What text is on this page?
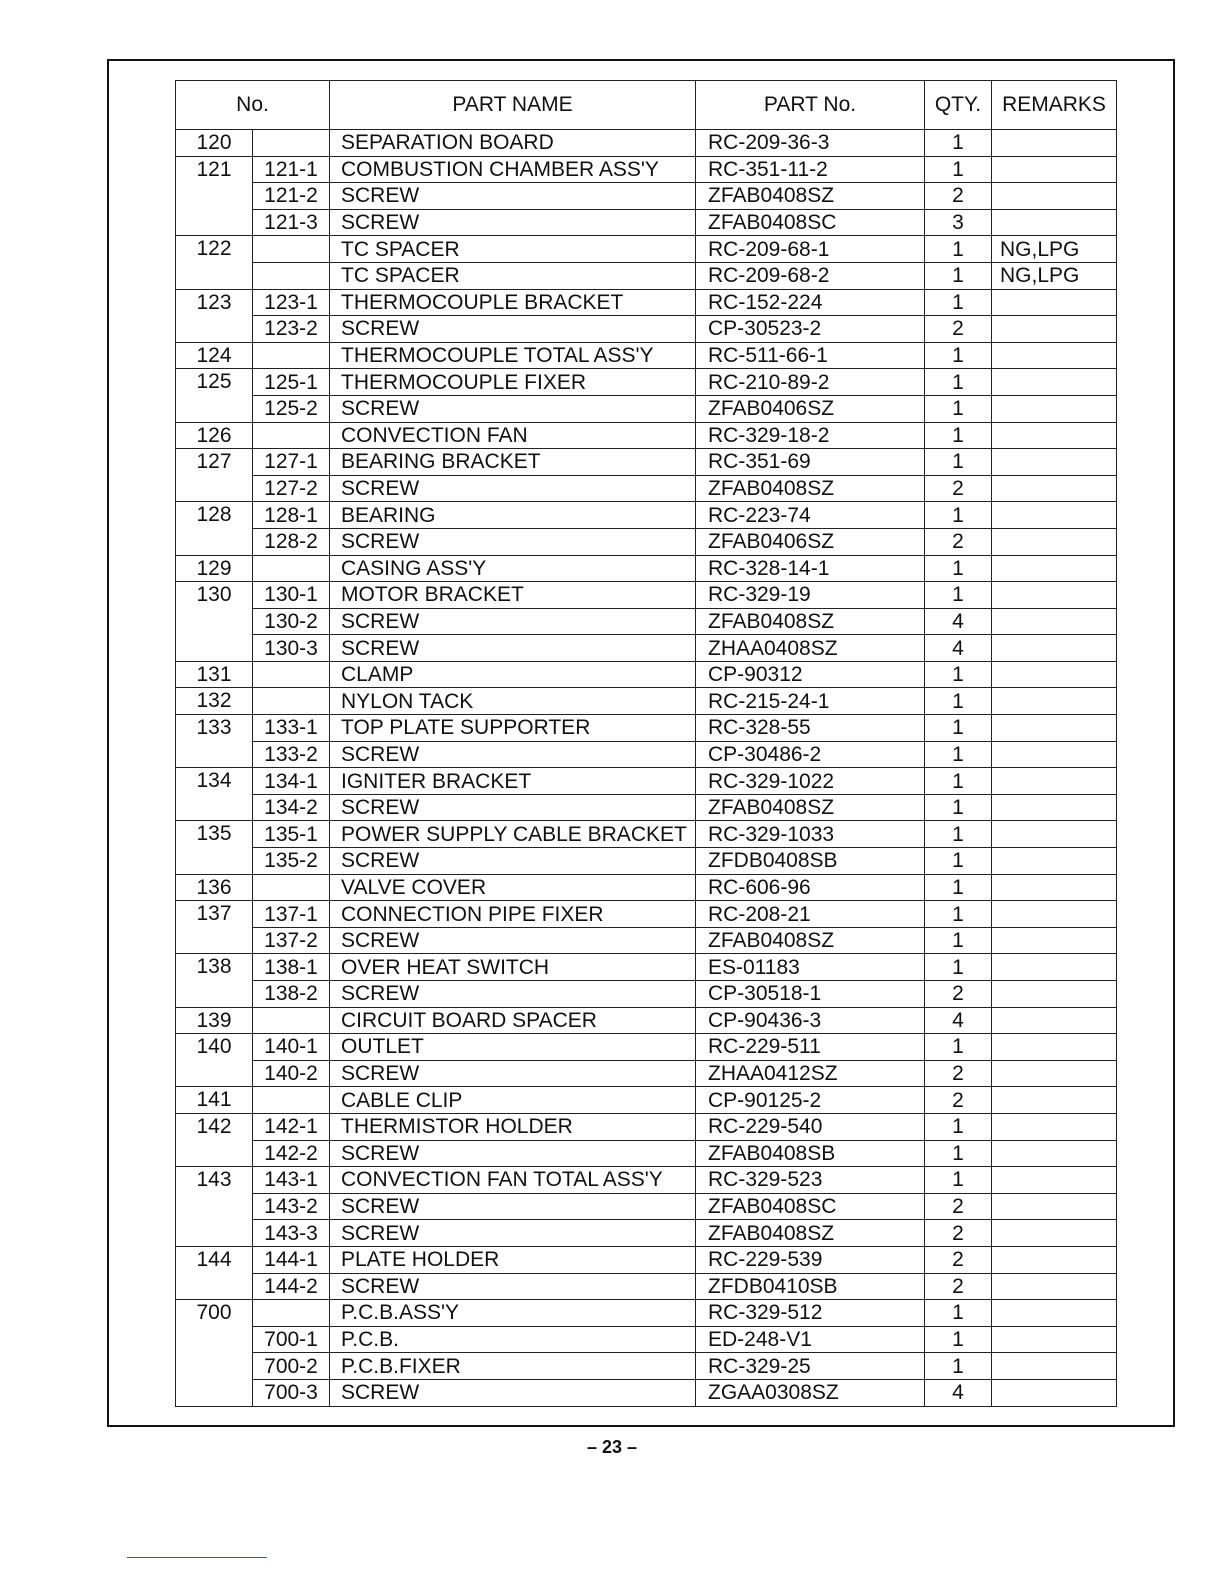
No.		PART NAME	PART No.	QTY.	REMARKS
120		SEPARATION BOARD	RC-209-36-3	1	
121	121-1	COMBUSTION CHAMBER ASS'Y	RC-351-11-2	1	
	121-2	SCREW	ZFAB0408SZ	2	
	121-3	SCREW	ZFAB0408SC	3	
122		TC SPACER	RC-209-68-1	1	NG,LPG
		TC SPACER	RC-209-68-2	1	NG,LPG
123	123-1	THERMOCOUPLE BRACKET	RC-152-224	1	
	123-2	SCREW	CP-30523-2	2	
124		THERMOCOUPLE TOTAL ASS'Y	RC-511-66-1	1	
125	125-1	THERMOCOUPLE FIXER	RC-210-89-2	1	
	125-2	SCREW	ZFAB0406SZ	1	
126		CONVECTION FAN	RC-329-18-2	1	
127	127-1	BEARING BRACKET	RC-351-69	1	
	127-2	SCREW	ZFAB0408SZ	2	
128	128-1	BEARING	RC-223-74	1	
	128-2	SCREW	ZFAB0406SZ	2	
129		CASING ASS'Y	RC-328-14-1	1	
130	130-1	MOTOR BRACKET	RC-329-19	1	
	130-2	SCREW	ZFAB0408SZ	4	
	130-3	SCREW	ZHAA0408SZ	4	
131		CLAMP	CP-90312	1	
132		NYLON TACK	RC-215-24-1	1	
133	133-1	TOP PLATE SUPPORTER	RC-328-55	1	
	133-2	SCREW	CP-30486-2	1	
134	134-1	IGNITER BRACKET	RC-329-1022	1	
	134-2	SCREW	ZFAB0408SZ	1	
135	135-1	POWER SUPPLY CABLE BRACKET	RC-329-1033	1	
	135-2	SCREW	ZFDB0408SB	1	
136		VALVE COVER	RC-606-96	1	
137	137-1	CONNECTION PIPE FIXER	RC-208-21	1	
	137-2	SCREW	ZFAB0408SZ	1	
138	138-1	OVER HEAT SWITCH	ES-01183	1	
	138-2	SCREW	CP-30518-1	2	
139		CIRCUIT BOARD SPACER	CP-90436-3	4	
140	140-1	OUTLET	RC-229-511	1	
	140-2	SCREW	ZHAA0412SZ	2	
141		CABLE CLIP	CP-90125-2	2	
142	142-1	THERMISTOR HOLDER	RC-229-540	1	
	142-2	SCREW	ZFAB0408SB	1	
143	143-1	CONVECTION FAN TOTAL ASS'Y	RC-329-523	1	
	143-2	SCREW	ZFAB0408SC	2	
	143-3	SCREW	ZFAB0408SZ	2	
144	144-1	PLATE HOLDER	RC-229-539	2	
	144-2	SCREW	ZFDB0410SB	2	
700		P.C.B.ASS'Y	RC-329-512	1	
	700-1	P.C.B.	ED-248-V1	1	
	700-2	P.C.B.FIXER	RC-329-25	1	
	700-3	SCREW	ZGAA0308SZ	4	
– 23 –
